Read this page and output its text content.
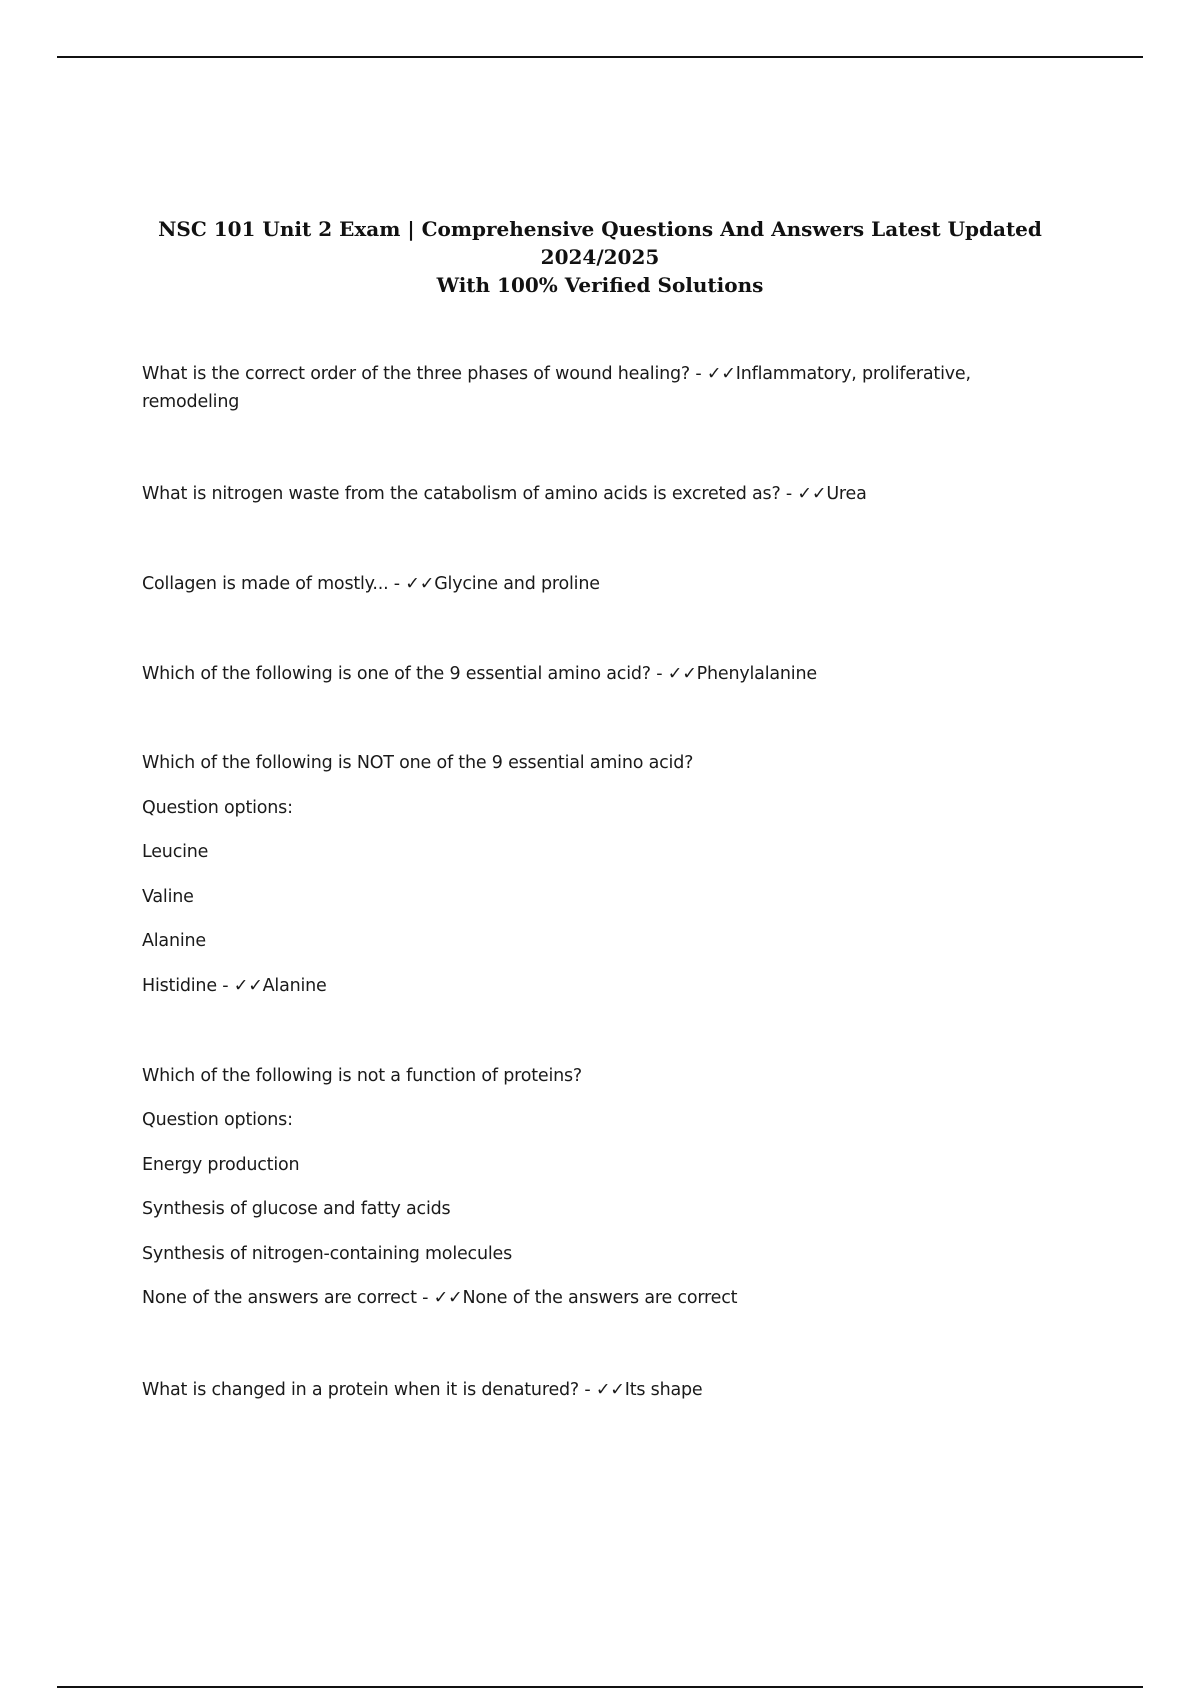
NSC 101 Unit 2 Exam | Comprehensive Questions And Answers Latest Updated 2024/2025
With 100% Verified Solutions

What is the correct order of the three phases of wound healing? - ✓✓Inflammatory, proliferative,

remodeling

What is nitrogen waste from the catabolism of amino acids is excreted as? - ✓✓Urea

Collagen is made of mostly... - ✓✓Glycine and proline

Which of the following is one of the 9 essential amino acid? - ✓✓Phenylalanine

Which of the following is NOT one of the 9 essential amino acid?

Question options:

Leucine

Valine

Alanine

Histidine - ✓✓Alanine

Which of the following is not a function of proteins?

Question options:

Energy production

Synthesis of glucose and fatty acids

Synthesis of nitrogen-containing molecules

None of the answers are correct - ✓✓None of the answers are correct

What is changed in a protein when it is denatured? - ✓✓Its shape
